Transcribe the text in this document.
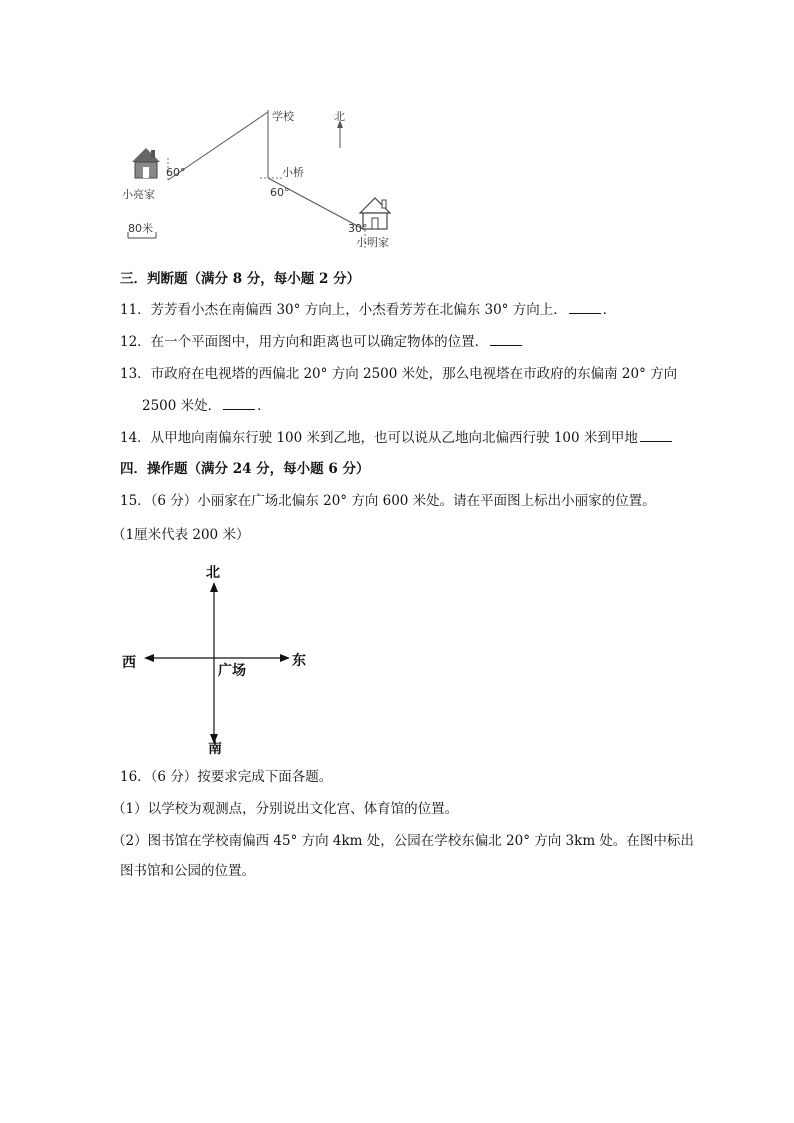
学校	北
小桥
60°
60°
30°
小亮家
小明家
80米
三．判断题（满分 8 分，每小题 2 分）
11．芳芳看小杰在南偏西 30° 方向上，小杰看芳芳在北偏东 30° 方向上．	．
12．在一个平面图中，用方向和距离也可以确定物体的位置．
13．市政府在电视塔的西偏北 20° 方向 2500 米处，那么电视塔在市政府的东偏南 20° 方向
2500 米处．	．
14．从甲地向南偏东行驶 100 米到乙地，也可以说从乙地向北偏西行驶 100 米到甲地
四．操作题（满分 24 分，每小题 6 分）
15．（6 分）小丽家在广场北偏东 20° 方向 600 米处。请在平面图上标出小丽家的位置。
（1厘米代表 200 米）
北
南
西	东
广场
16．（6 分）按要求完成下面各题。
（1）以学校为观测点，分别说出文化宫、体育馆的位置。
（2）图书馆在学校南偏西 45° 方向 4km 处，公园在学校东偏北 20° 方向 3km 处。在图中标出
图书馆和公园的位置。
